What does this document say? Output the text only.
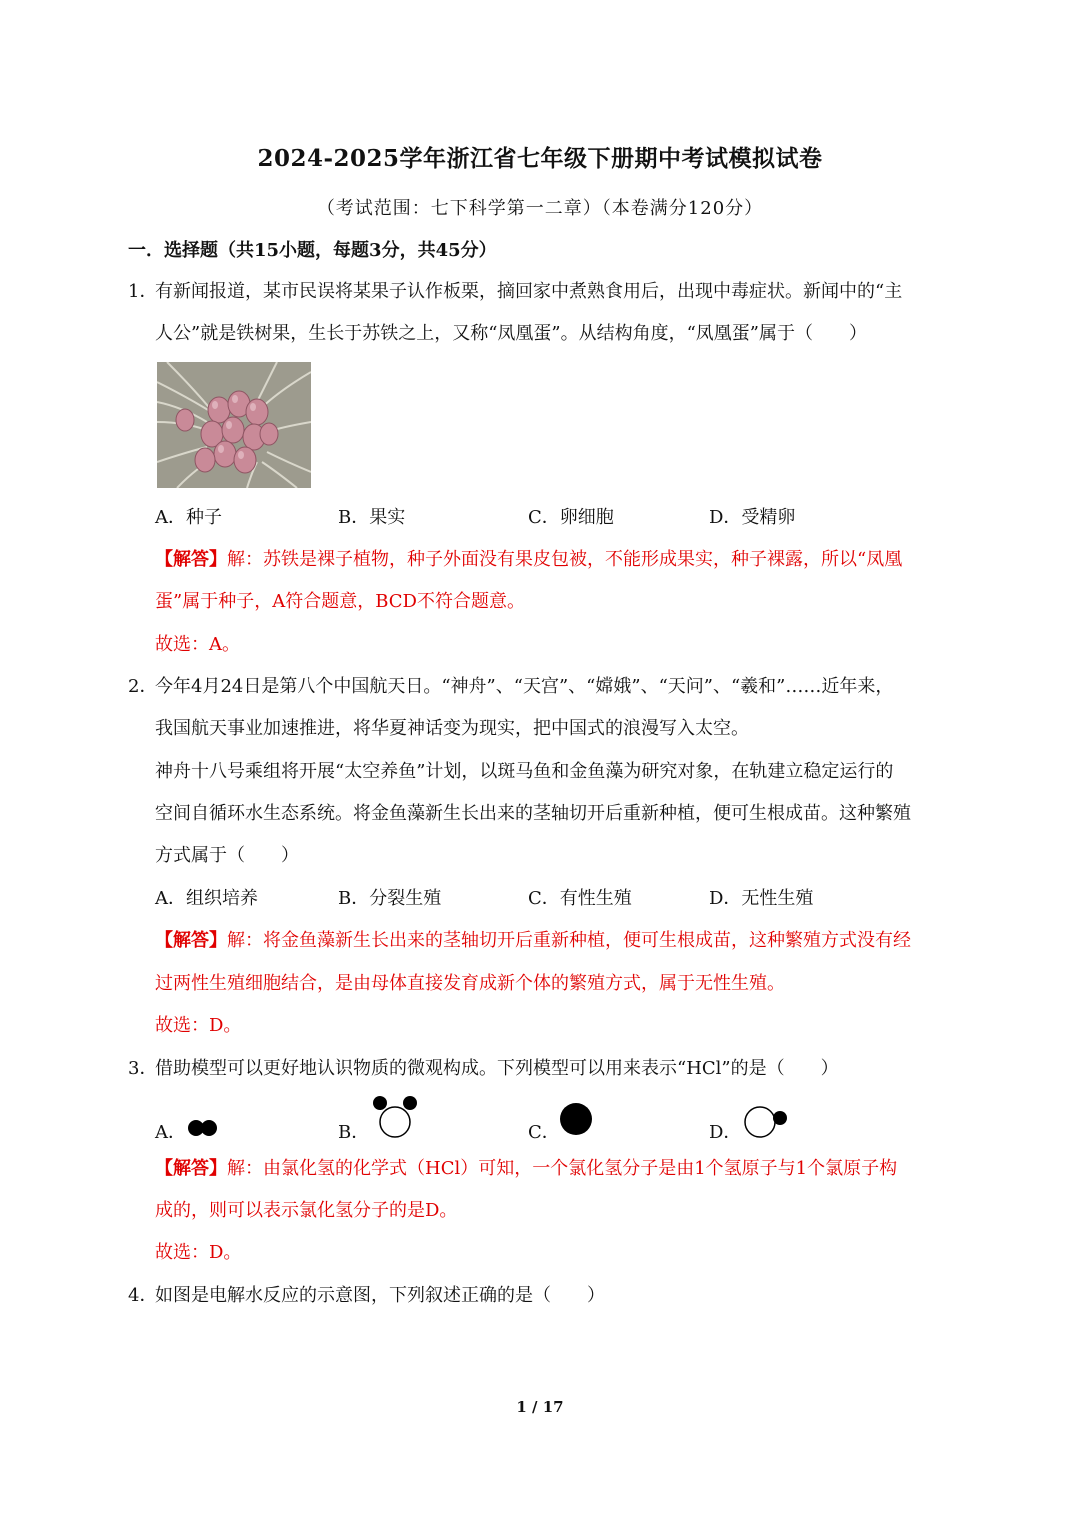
2024-2025学年浙江省七年级下册期中考试模拟试卷
（考试范围：七下科学第一二章）（本卷满分120分）
一．选择题（共15小题，每题3分，共45分）
1．
有新闻报道，某市民误将某果子认作板栗，摘回家中煮熟食用后，出现中毒症状。新闻中的“主
人公”就是铁树果，生长于苏铁之上，又称“凤凰蛋”。从结构角度，“凤凰蛋”属于（　　）
A．种子	B．果实	C．卵细胞	D．受精卵
【解答】解：苏铁是裸子植物，种子外面没有果皮包被，不能形成果实，种子裸露，所以“凤凰
蛋”属于种子，A符合题意，BCD不符合题意。
故选：A。
2．
今年4月24日是第八个中国航天日。“神舟”、“天宫”、“嫦娥”、“天问”、“羲和”……近年来，
我国航天事业加速推进，将华夏神话变为现实，把中国式的浪漫写入太空。
神舟十八号乘组将开展“太空养鱼”计划，以斑马鱼和金鱼藻为研究对象，在轨建立稳定运行的
空间自循环水生态系统。将金鱼藻新生长出来的茎轴切开后重新种植，便可生根成苗。这种繁殖
方式属于（　　）
A．组织培养	B．分裂生殖	C．有性生殖	D．无性生殖
【解答】解：将金鱼藻新生长出来的茎轴切开后重新种植，便可生根成苗，这种繁殖方式没有经
过两性生殖细胞结合，是由母体直接发育成新个体的繁殖方式，属于无性生殖。
故选：D。
3．
借助模型可以更好地认识物质的微观构成。下列模型可以用来表示“HCl”的是（　　）
A．	B．	C．	D．
【解答】解：由氯化氢的化学式（HCl）可知，一个氯化氢分子是由1个氢原子与1个氯原子构
成的，则可以表示氯化氢分子的是D。
故选：D。
4．
如图是电解水反应的示意图，下列叙述正确的是（　　）
1 / 17
